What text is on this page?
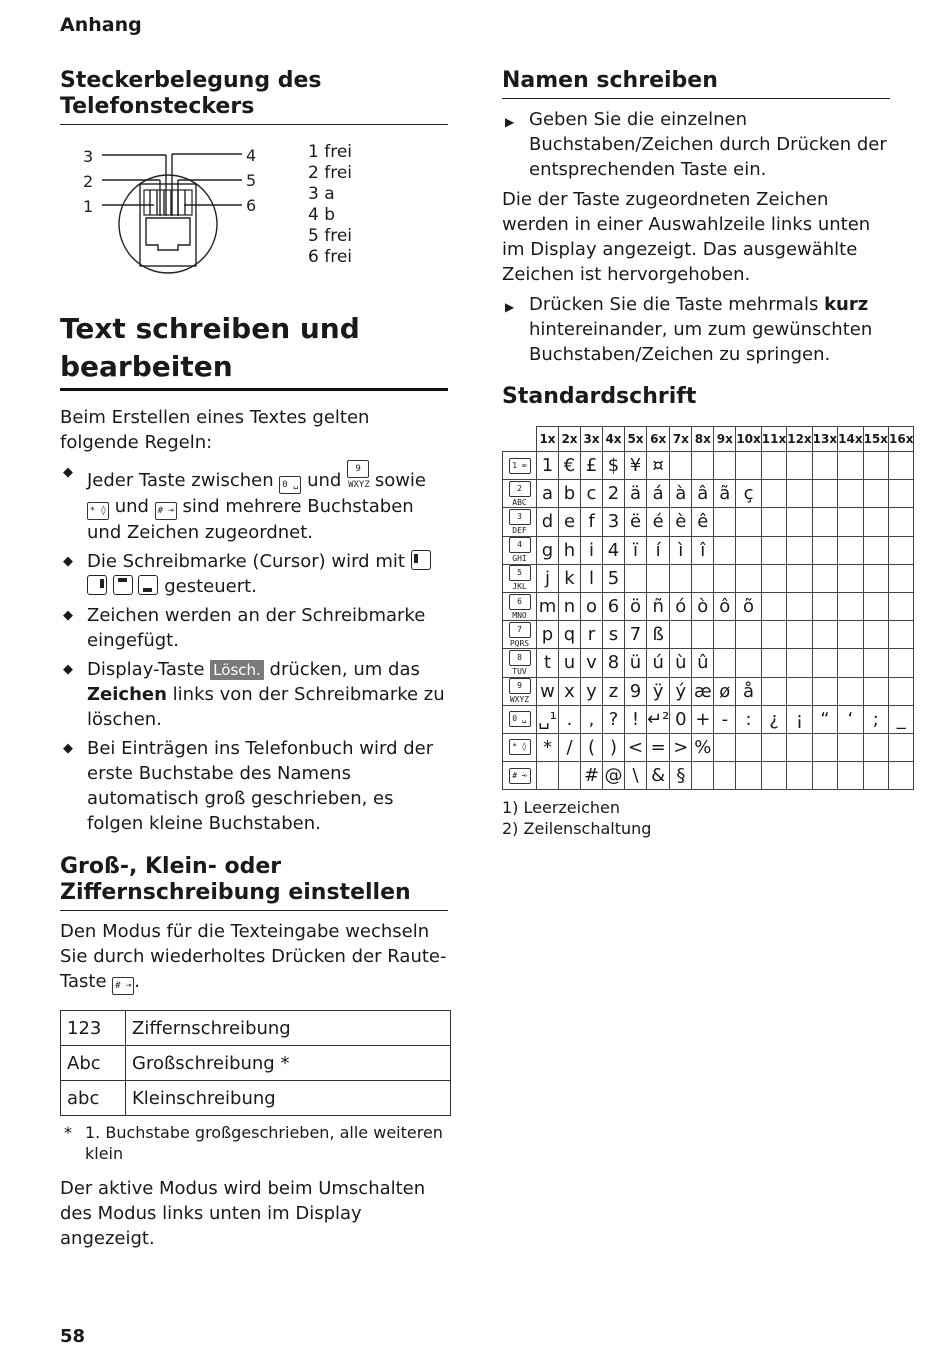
Anhang
Steckerbelegung des Telefonsteckers
3
2
1
4
5
6
1 frei
2 frei
3 a
4 b
5 frei
6 frei
Text schreiben und bearbeiten

Beim Erstellen eines Textes gelten folgende Regeln:

◆ Jeder Taste zwischen 0 ␣ und 9 WXYZ sowie * ◊ und # ⊸ sind mehrere Buchstaben und Zeichen zugeordnet.
◆ Die Schreibmarke (Cursor) wird mit

gesteuert.
◆ Zeichen werden an der Schreibmarke eingefügt.
◆ Display-Taste Lösch. drücken, um das Zeichen links von der Schreibmarke zu löschen.
◆ Bei Einträgen ins Telefonbuch wird der erste Buchstabe des Namens automatisch groß geschrieben, es folgen kleine Buchstaben.
Groß-, Klein- oder Ziffernschreibung einstellen

Den Modus für die Texteingabe wechseln Sie durch wiederholtes Drücken der Raute-Taste # ⊸ .

123	Ziffernschreibung
Abc	Großschreibung *
abc	Kleinschreibung
* 1. Buchstabe großgeschrieben, alle weiteren klein

Der aktive Modus wird beim Umschalten des Modus links unten im Display angezeigt.

Namen schreiben
▶ Geben Sie die einzelnen Buchstaben/Zeichen durch Drücken der entsprechenden Taste ein.

Die der Taste zugeordneten Zeichen werden in einer Auswahlzeile links unten im Display angezeigt. Das ausgewählte Zeichen ist hervorgehoben.

▶ Drücken Sie die Taste mehrmals kurz hintereinander, um zum gewünschten Buchstaben/Zeichen zu springen.
Standardschrift
	1x	2x	3x	4x	5x	6x	7x	8x	9x	10x	11x	12x	13x	14x	15x	16x
1 ∞	1	€	£	$	¥	¤										
2 ABC	a	b	c	2	ä	á	à	â	ã	ç						
3 DEF	d	e	f	3	ë	é	è	ê								
4 GHI	g	h	i	4	ï	í	ì	î								
5 JKL	j	k	l	5												
6 MNO	m	n	o	6	ö	ñ	ó	ò	ô	õ						
7 PQRS	p	q	r	s	7	ß										
8 TUV	t	u	v	8	ü	ú	ù	û								
9 WXYZ	w	x	y	z	9	ÿ	ý	æ	ø	å						
0 ␣	␣¹	.	,	?	!	↵²	0	+	-	:	¿	¡	“	‘	;	_
* ◊	*	/	(	)	<	=	>	%								
# ⊸			#	@	\	&	§									
1) Leerzeichen
2) Zeilenschaltung
58
